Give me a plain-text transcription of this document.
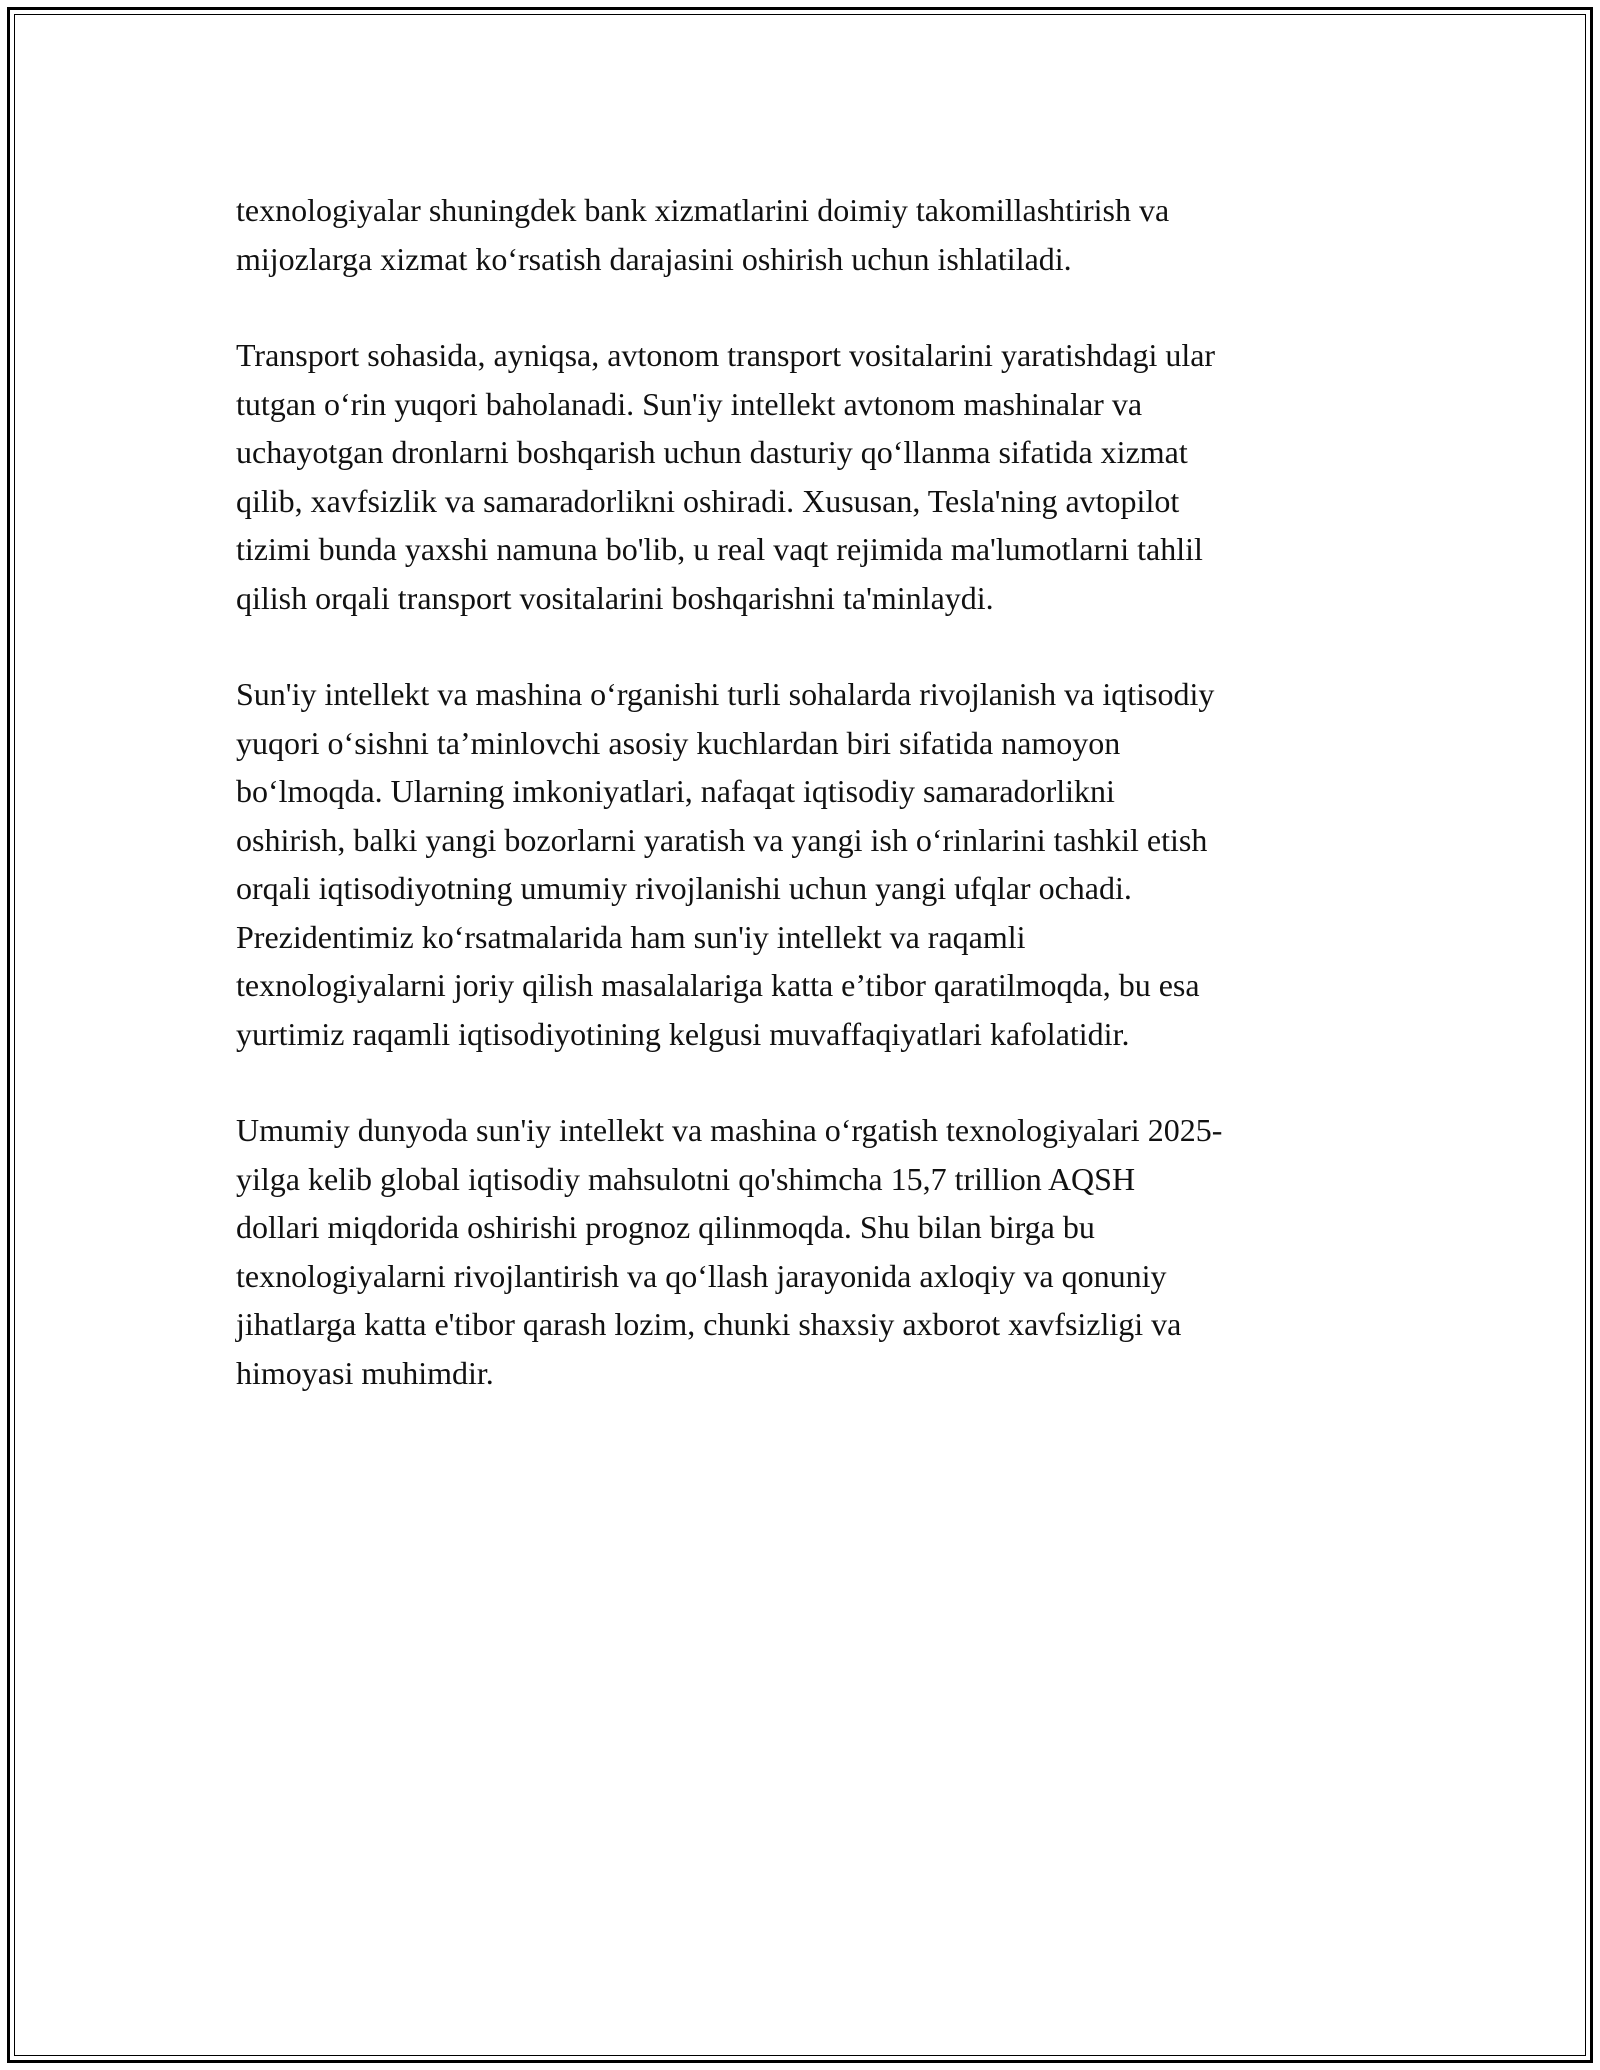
texnologiyalar shuningdek bank xizmatlarini doimiy takomillashtirish va
mijozlarga xizmat ko‘rsatish darajasini oshirish uchun ishlatiladi.

Transport sohasida, ayniqsa, avtonom transport vositalarini yaratishdagi ular
tutgan o‘rin yuqori baholanadi. Sun'iy intellekt avtonom mashinalar va
uchayotgan dronlarni boshqarish uchun dasturiy qo‘llanma sifatida xizmat
qilib, xavfsizlik va samaradorlikni oshiradi. Xususan, Tesla'ning avtopilot
tizimi bunda yaxshi namuna bo'lib, u real vaqt rejimida ma'lumotlarni tahlil
qilish orqali transport vositalarini boshqarishni ta'minlaydi.

Sun'iy intellekt va mashina o‘rganishi turli sohalarda rivojlanish va iqtisodiy
yuqori o‘sishni ta’minlovchi asosiy kuchlardan biri sifatida namoyon
bo‘lmoqda. Ularning imkoniyatlari, nafaqat iqtisodiy samaradorlikni
oshirish, balki yangi bozorlarni yaratish va yangi ish o‘rinlarini tashkil etish
orqali iqtisodiyotning umumiy rivojlanishi uchun yangi ufqlar ochadi.
Prezidentimiz ko‘rsatmalarida ham sun'iy intellekt va raqamli
texnologiyalarni joriy qilish masalalariga katta e’tibor qaratilmoqda, bu esa
yurtimiz raqamli iqtisodiyotining kelgusi muvaffaqiyatlari kafolatidir.

Umumiy dunyoda sun'iy intellekt va mashina o‘rgatish texnologiyalari 2025-
yilga kelib global iqtisodiy mahsulotni qo'shimcha 15,7 trillion AQSH
dollari miqdorida oshirishi prognoz qilinmoqda. Shu bilan birga bu
texnologiyalarni rivojlantirish va qo‘llash jarayonida axloqiy va qonuniy
jihatlarga katta e'tibor qarash lozim, chunki shaxsiy axborot xavfsizligi va
himoyasi muhimdir.
